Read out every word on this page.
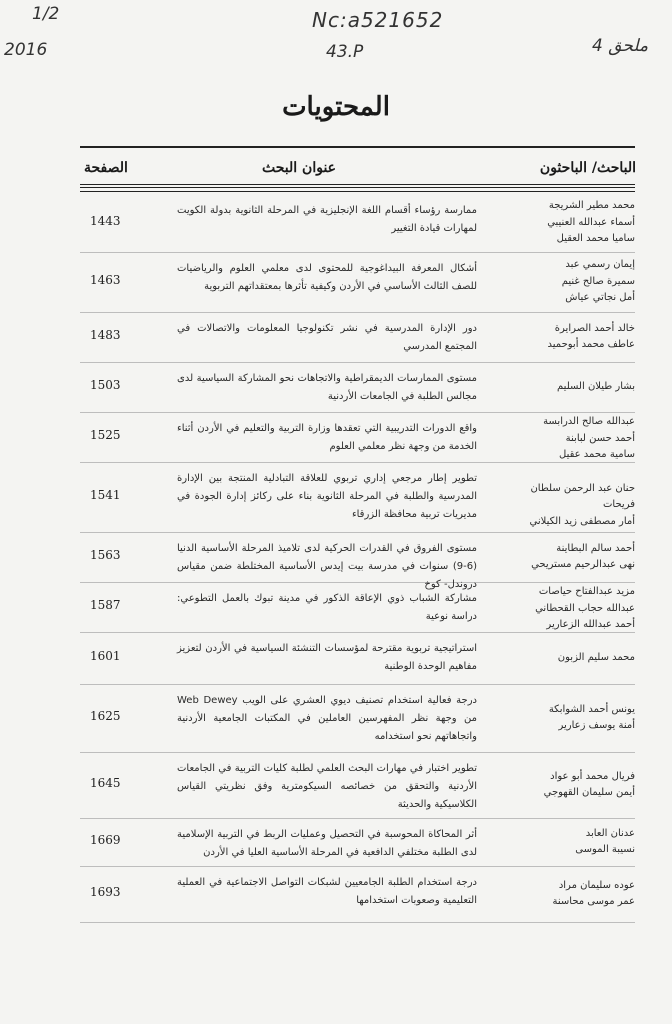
1/2
2016
Nc:a521652
43.P	ملحق 4
المحتويات
الباحث/ الباحثون
عنوان البحث
الصفحة
محمد مطير الشريجة
أسماء عبدالله العنيبي
ساميا محمد العقيل
ممارسة رؤساء أقسام اللغة الإنجليزية في المرحلة الثانوية بدولة الكويت لمهارات قيادة التغيير
1443
إيمان رسمي عبد
سميرة صالح غنيم
أمل نجاتي عياش
أشكال المعرفة البيداغوجية للمحتوى لدى معلمي العلوم والرياضيات للصف الثالث الأساسي في الأردن وكيفية تأثرها بمعتقداتهم التربوية
1463
خالد أحمد الصرايرة
عاطف محمد أبوحميد
دور الإدارة المدرسية في نشر تكنولوجيا المعلومات والاتصالات في المجتمع المدرسي
1483
بشار طيلان السليم
مستوى الممارسات الديمقراطية والاتجاهات نحو المشاركة السياسية لدى مجالس الطلبة في الجامعات الأردنية
1503
عبدالله صالح الدرابسة
أحمد حسن لبابنة
سامية محمد عقيل
واقع الدورات التدريبية التي تعقدها وزارة التربية والتعليم في الأردن أثناء الخدمة من وجهة نظر معلمي العلوم
1525
حنان عبد الرحمن سلطان فريحات
أمار مصطفى زيد الكيلاني
تطوير إطار مرجعي إداري تربوي للعلاقة التبادلية المنتجة بين الإدارة المدرسية والطلبة في المرحلة الثانوية بناء على ركائز إدارة الجودة في مديريات تربية محافظة الزرقاء
1541
أحمد سالم البطاينة
نهى عبدالرحيم مستريحي
مستوى الفروق في القدرات الحركية لدى تلاميذ المرحلة الأساسية الدنيا (6-9) سنوات في مدرسة بيت إيدس الأساسية المختلطة ضمن مقياس دروندل- كوخ
1563
مزيد عبدالفتاح حياصات
عبدالله حجاب القحطاني
أحمد عبدالله الزعارير
مشاركة الشباب ذوي الإعاقة الذكور في مدينة تبوك بالعمل التطوعي: دراسة نوعية
1587
محمد سليم الزبون
استراتيجية تربوية مقترحة لمؤسسات التنشئة السياسية في الأردن لتعزيز مفاهيم الوحدة الوطنية
1601
يونس أحمد الشوابكة
أمنة يوسف زعارير
درجة فعالية استخدام تصنيف ديوي العشري على الويب Web Dewey من وجهة نظر المفهرسين العاملين في المكتبات الجامعية الأردنية واتجاهاتهم نحو استخدامه
1625
فريال محمد أبو عواد
أيمن سليمان القهوجي
تطوير اختبار في مهارات البحث العلمي لطلبة كليات التربية في الجامعات الأردنية والتحقق من خصائصه السيكومترية وفق نظريتي القياس الكلاسيكية والحديثة
1645
عدنان العابد
نسيبة الموسى
أثر المحاكاة المحوسبة في التحصيل وعمليات الربط في التربية الإسلامية لدى الطلبة مختلفي الدافعية في المرحلة الأساسية العليا في الأردن
1669
عوده سليمان مراد
عمر موسى محاسنة
درجة استخدام الطلبة الجامعيين لشبكات التواصل الاجتماعية في العملية التعليمية وصعوبات استخدامها
1693
